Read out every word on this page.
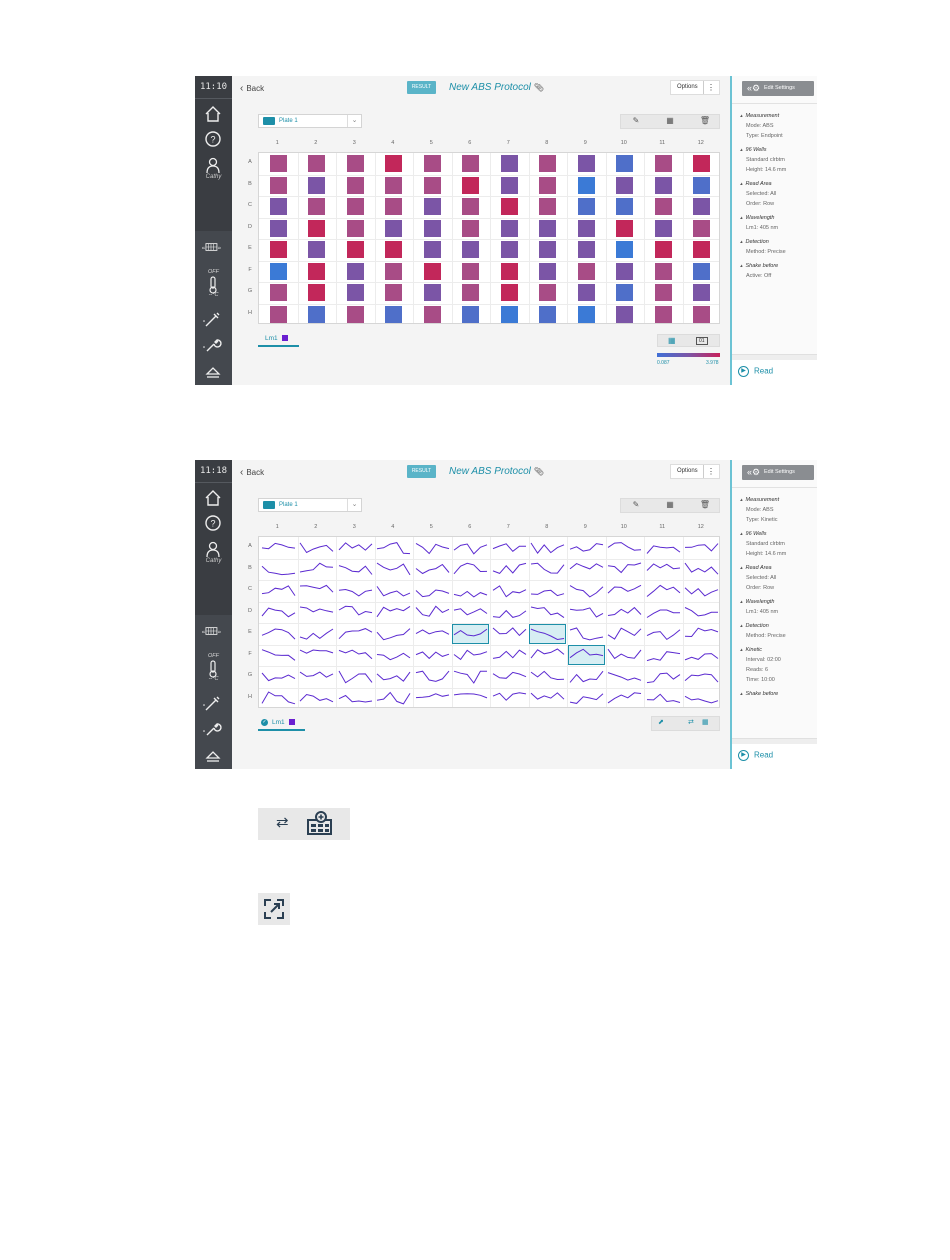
11:10
?
Cathy
« »
OFF
--°C
‹ Back	RESULT	New ABS Protocol 📎︎	Options	⋮
Plate 1	⌄	✎	▦	🗑︎
1	2	3	4	5	6	7	8	9	10	11	12
A
B
C
D
E
F
G
H
Lm1	▦	01
0.087	3.978
«⚙ Edit Settings
▴ Measurement
Mode: ABS
Type: Endpoint
▴ 96 Wells
Standard clrbtm
Height: 14.6 mm
▴ Read Area
Selected: All
Order: Row
▴ Wavelength
Lm1: 405 nm
▴ Detection
Method: Precise
▴ Shake before
Active: Off
▶ Read
11:18
?
Cathy
« »
OFF
--°C
‹ Back	RESULT	New ABS Protocol 📎︎	Options	⋮
Plate 1	⌄	✎	▦	🗑︎
1	2	3	4	5	6	7	8	9	10	11	12
A
B
C
D
E
F
G
H
✓ Lm1	⬈	⇄ ▦
«⚙ Edit Settings
▴ Measurement
Mode: ABS
Type: Kinetic
▴ 96 Wells
Standard clrbtm
Height: 14.6 mm
▴ Read Area
Selected: All
Order: Row
▴ Wavelength
Lm1: 405 nm
▴ Detection
Method: Precise
▴ Kinetic
Interval: 02:00
Reads: 6
Time: 10:00
▴ Shake before
▶ Read
⇄
